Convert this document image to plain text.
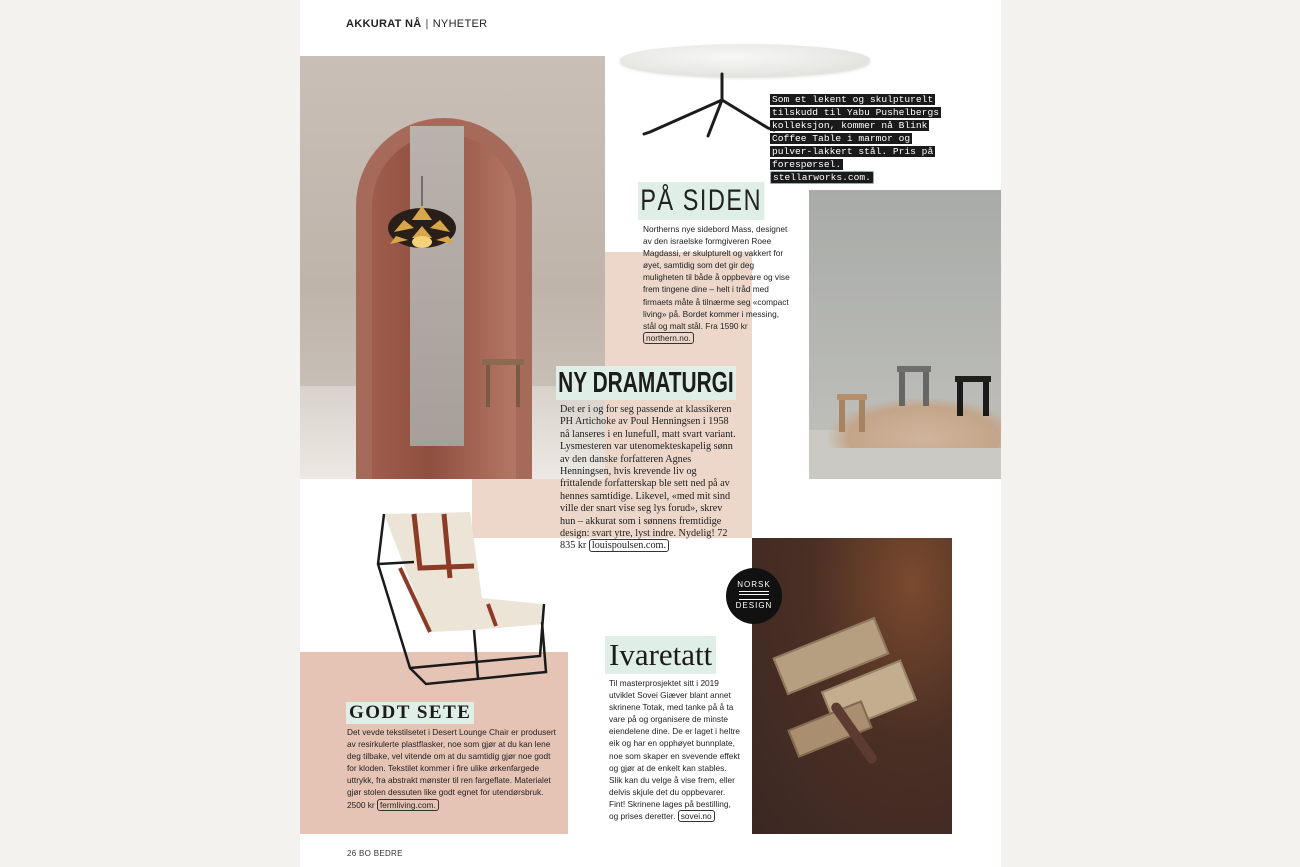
AKKURAT NÅ | NYHETER
Som et lekent og skulpturelt tilskudd til Yabu Pushelbergs kolleksjon, kommer nå Blink Coffee Table i marmor og pulver-lakkert stål. Pris på forespørsel. stellarworks.com.
PÅ SIDEN
Northerns nye sidebord Mass, designet av den israelske formgiveren Roee Magdassi, er skulpturelt og vakkert for øyet, samtidig som det gir deg muligheten til både å oppbevare og vise frem tingene dine – helt i tråd med firmaets måte å tilnærme seg «compact living» på. Bordet kommer i messing, stål og malt stål. Fra 1590 kr northern.no.
NY DRAMATURGI
Det er i og for seg passende at klassikeren PH Artichoke av Poul Henningsen i 1958 nå lanseres i en lunefull, matt svart variant. Lysmesteren var utenomekteskapelig sønn av den danske forfatteren Agnes Henningsen, hvis krevende liv og frittalende forfatterskap ble sett ned på av hennes samtidige. Likevel, «med mit sind ville der snart vise seg lys forud», skrev hun – akkurat som i sønnens fremtidige design: svart ytre, lyst indre. Nydelig! 72 835 kr louispoulsen.com.
GODT SETE
Det vevde tekstilsetet i Desert Lounge Chair er produsert av resirkulerte plastflasker, noe som gjør at du kan lene deg tilbake, vel vitende om at du samtidig gjør noe godt for kloden. Tekstilet kommer i fire ulike ørkenfargede uttrykk, fra abstrakt mønster til ren fargeflate. Materialet gjør stolen dessuten like godt egnet for utendørsbruk. 2500 kr fermliving.com.
NORSK
DESIGN
Ivaretatt
Til masterprosjektet sitt i 2019 utviklet Sovei Giæver blant annet skrinene Totak, med tanke på å ta vare på og organisere de minste eiendelene dine. De er laget i heltre eik og har en opphøyet bunnplate, noe som skaper en svevende effekt og gjør at de enkelt kan stables. Slik kan du velge å vise frem, eller delvis skjule det du oppbevarer. Fint! Skrinene lages på bestilling, og prises deretter. sovei.no
26 BO BEDRE
